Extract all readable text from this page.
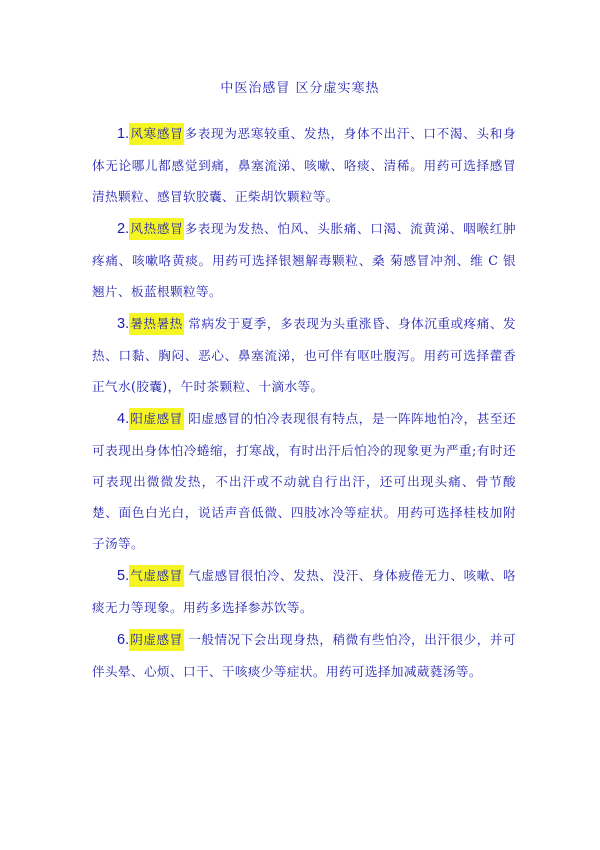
中医治感冒 区分虚实寒热

1.风寒感冒多表现为恶寒较重、发热，身体不出汗、口不渴、头和身体无论哪儿都感觉到痛，鼻塞流涕、咳嗽、咯痰、清稀。用药可选择感冒清热颗粒、感冒软胶囊、正柴胡饮颗粒等。

2.风热感冒多表现为发热、怕风、头胀痛、口渴、流黄涕、咽喉红肿疼痛、咳嗽咯黄痰。用药可选择银翘解毒颗粒、桑 菊感冒冲剂、维 C 银翘片、板蓝根颗粒等。

3.暑热暑热 常病发于夏季，多表现为头重涨昏、身体沉重或疼痛、发热、口黏、胸闷、恶心、鼻塞流涕，也可伴有呕吐腹泻。用药可选择藿香正气水(胶囊)，午时茶颗粒、十滴水等。

4.阳虚感冒 阳虚感冒的怕冷表现很有特点，是一阵阵地怕冷，甚至还可表现出身体怕冷蜷缩，打寒战，有时出汗后怕冷的现象更为严重;有时还可表现出微微发热，不出汗或不动就自行出汗，还可出现头痛、骨节酸楚、面色白光白，说话声音低微、四肢冰冷等症状。用药可选择桂枝加附子汤等。

5.气虚感冒 气虚感冒很怕冷、发热、没汗、身体疲倦无力、咳嗽、咯痰无力等现象。用药多选择参苏饮等。

6.阴虚感冒 一般情况下会出现身热，稍微有些怕冷，出汗很少，并可伴头晕、心烦、口干、干咳痰少等症状。用药可选择加减葳蕤汤等。
